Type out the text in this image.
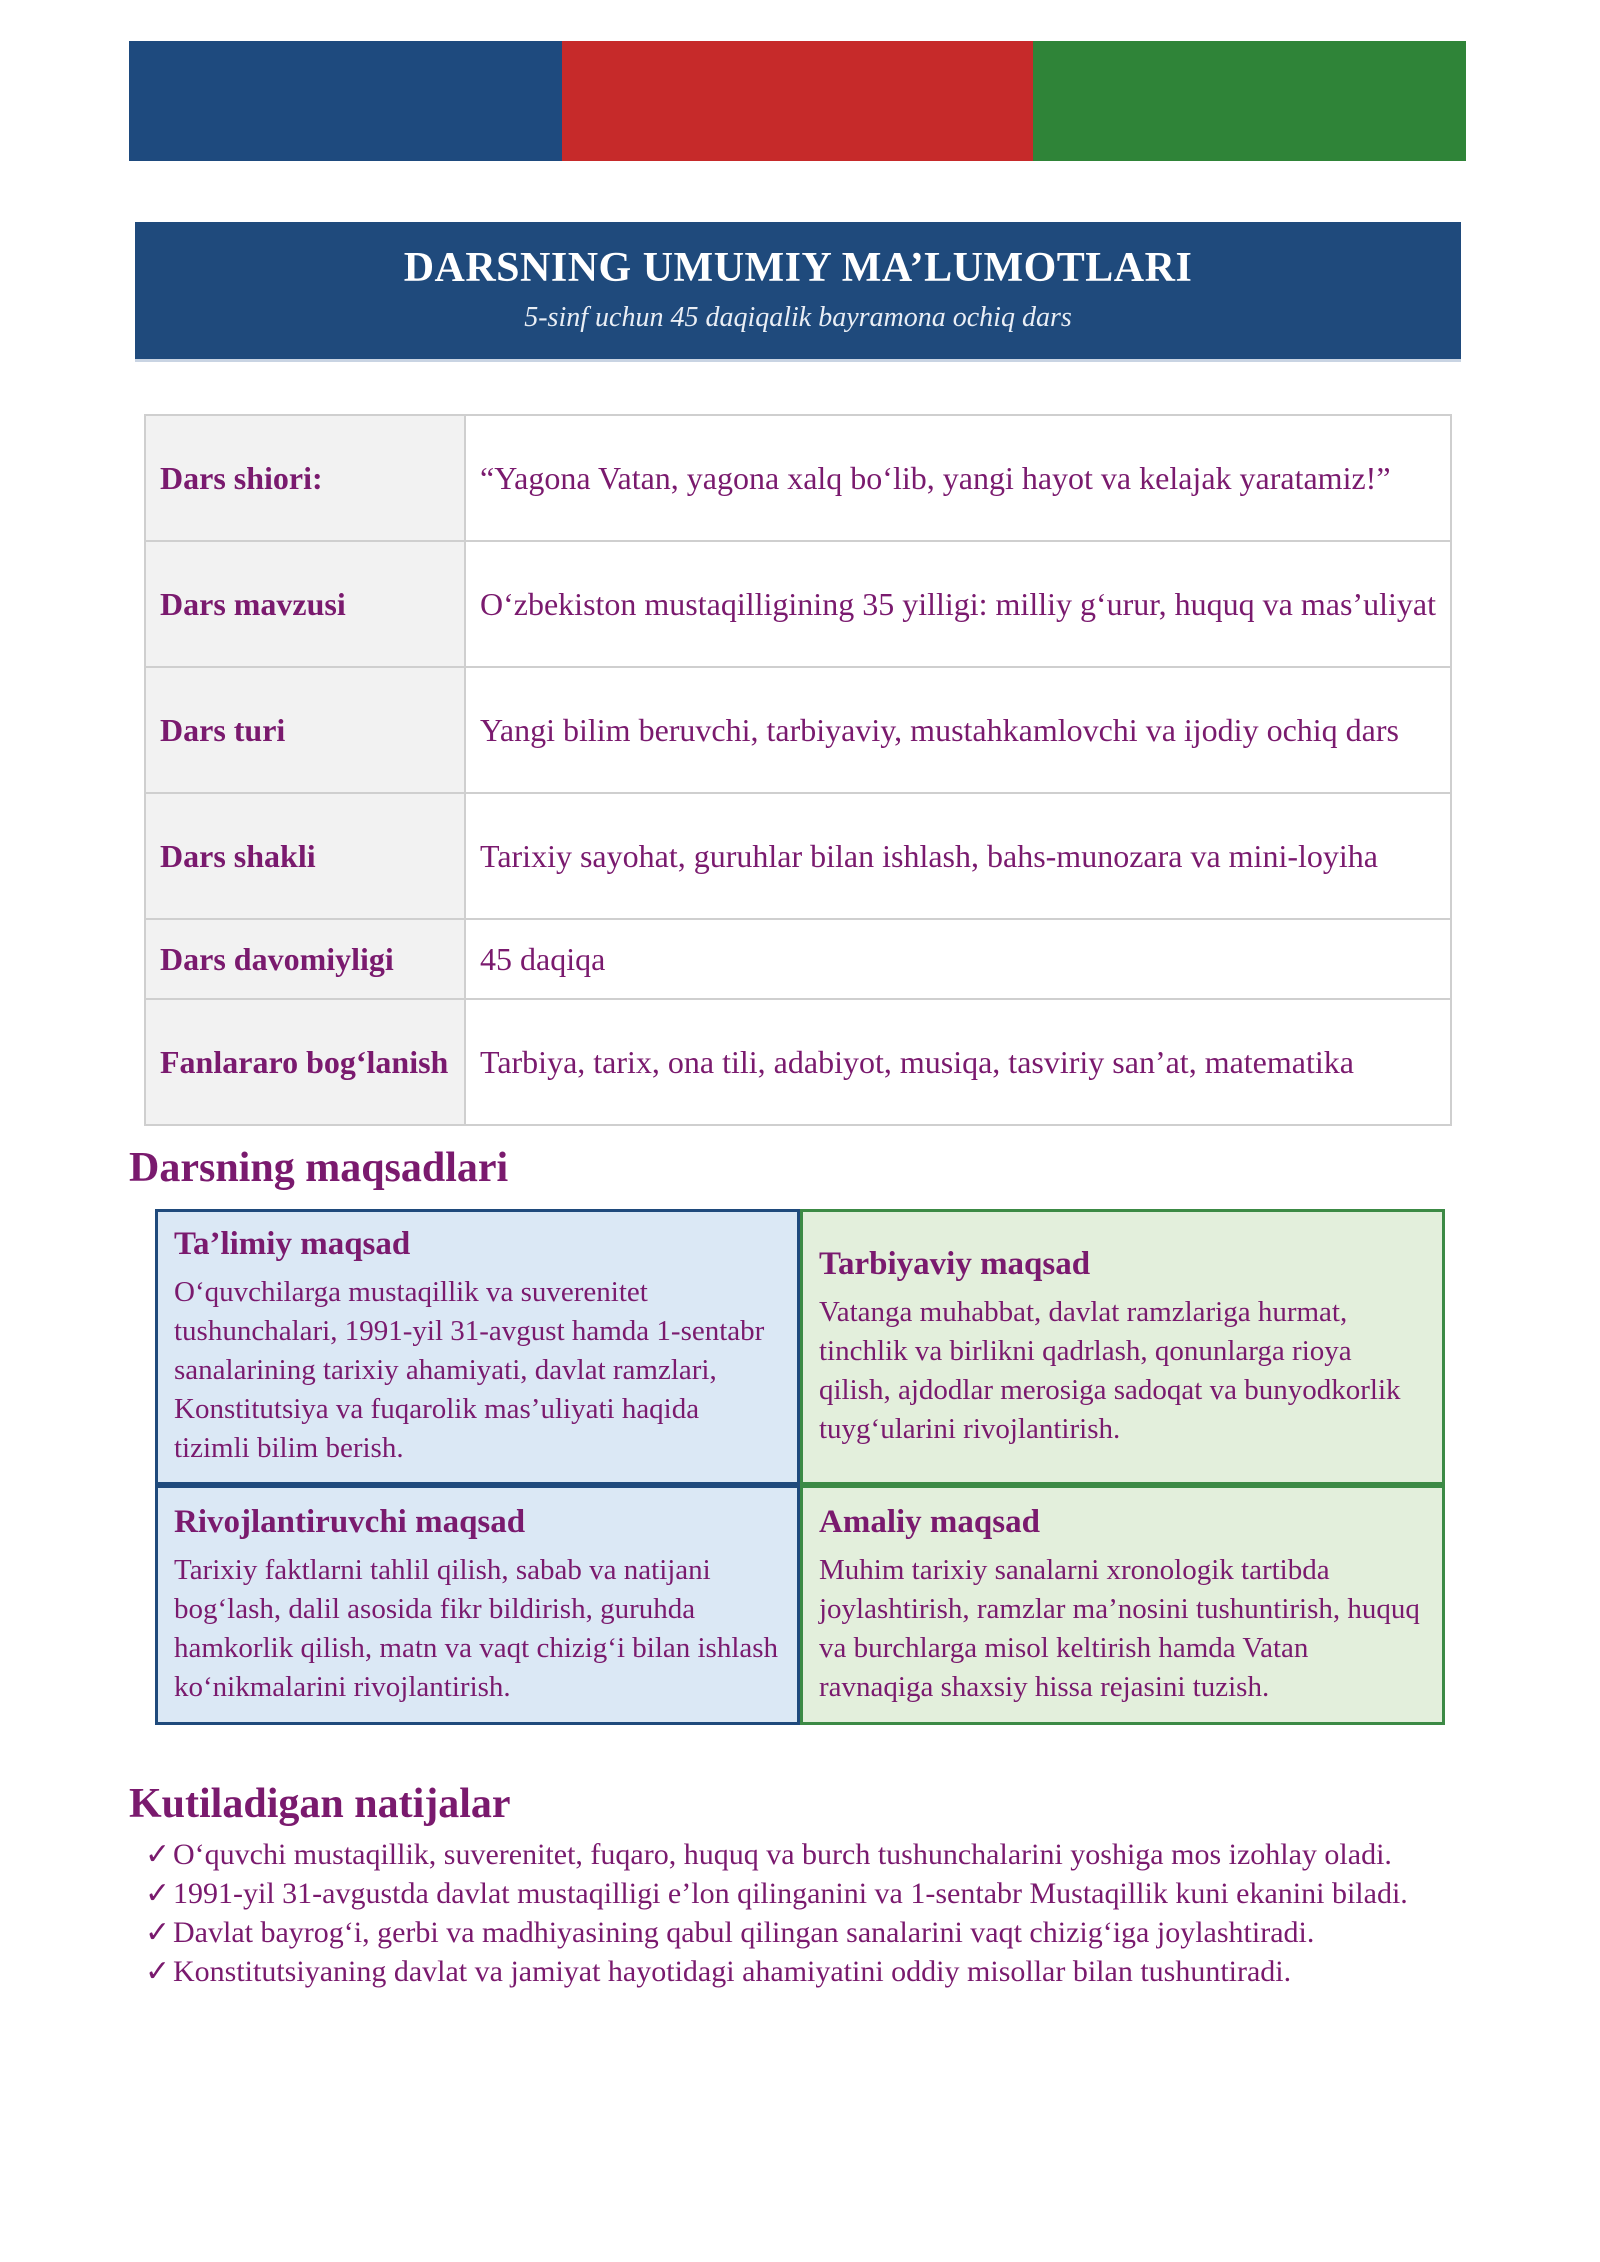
DARSNING UMUMIY MA’LUMOTLARI
5-sinf uchun 45 daqiqalik bayramona ochiq dars
Dars shiori:	“Yagona Vatan, yagona xalq bo‘lib, yangi hayot va kelajak yaratamiz!”
Dars mavzusi	O‘zbekiston mustaqilligining 35 yilligi: milliy g‘urur, huquq va mas’uliyat
Dars turi	Yangi bilim beruvchi, tarbiyaviy, mustahkamlovchi va ijodiy ochiq dars
Dars shakli	Tarixiy sayohat, guruhlar bilan ishlash, bahs-munozara va mini-loyiha
Dars davomiyligi	45 daqiqa
Fanlararo bog‘lanish	Tarbiya, tarix, ona tili, adabiyot, musiqa, tasviriy san’at, matematika
Darsning maqsadlari
Ta’limiy maqsad
O‘quvchilarga mustaqillik va suverenitet tushunchalari, 1991-yil 31-avgust hamda 1-sentabr sanalarining tarixiy ahamiyati, davlat ramzlari, Konstitutsiya va fuqarolik mas’uliyati haqida tizimli bilim berish.
Tarbiyaviy maqsad
Vatanga muhabbat, davlat ramzlariga hurmat, tinchlik va birlikni qadrlash, qonunlarga rioya qilish, ajdodlar merosiga sadoqat va bunyodkorlik tuyg‘ularini rivojlantirish.
Rivojlantiruvchi maqsad
Tarixiy faktlarni tahlil qilish, sabab va natijani bog‘lash, dalil asosida fikr bildirish, guruhda hamkorlik qilish, matn va vaqt chizig‘i bilan ishlash ko‘nikmalarini rivojlantirish.
Amaliy maqsad
Muhim tarixiy sanalarni xronologik tartibda joylashtirish, ramzlar ma’nosini tushuntirish, huquq va burchlarga misol keltirish hamda Vatan ravnaqiga shaxsiy hissa rejasini tuzish.
Kutiladigan natijalar
✓ O‘quvchi mustaqillik, suverenitet, fuqaro, huquq va burch tushunchalarini yoshiga mos izohlay oladi.
✓ 1991-yil 31-avgustda davlat mustaqilligi e’lon qilinganini va 1-sentabr Mustaqillik kuni ekanini biladi.
✓ Davlat bayrog‘i, gerbi va madhiyasining qabul qilingan sanalarini vaqt chizig‘iga joylashtiradi.
✓ Konstitutsiyaning davlat va jamiyat hayotidagi ahamiyatini oddiy misollar bilan tushuntiradi.
